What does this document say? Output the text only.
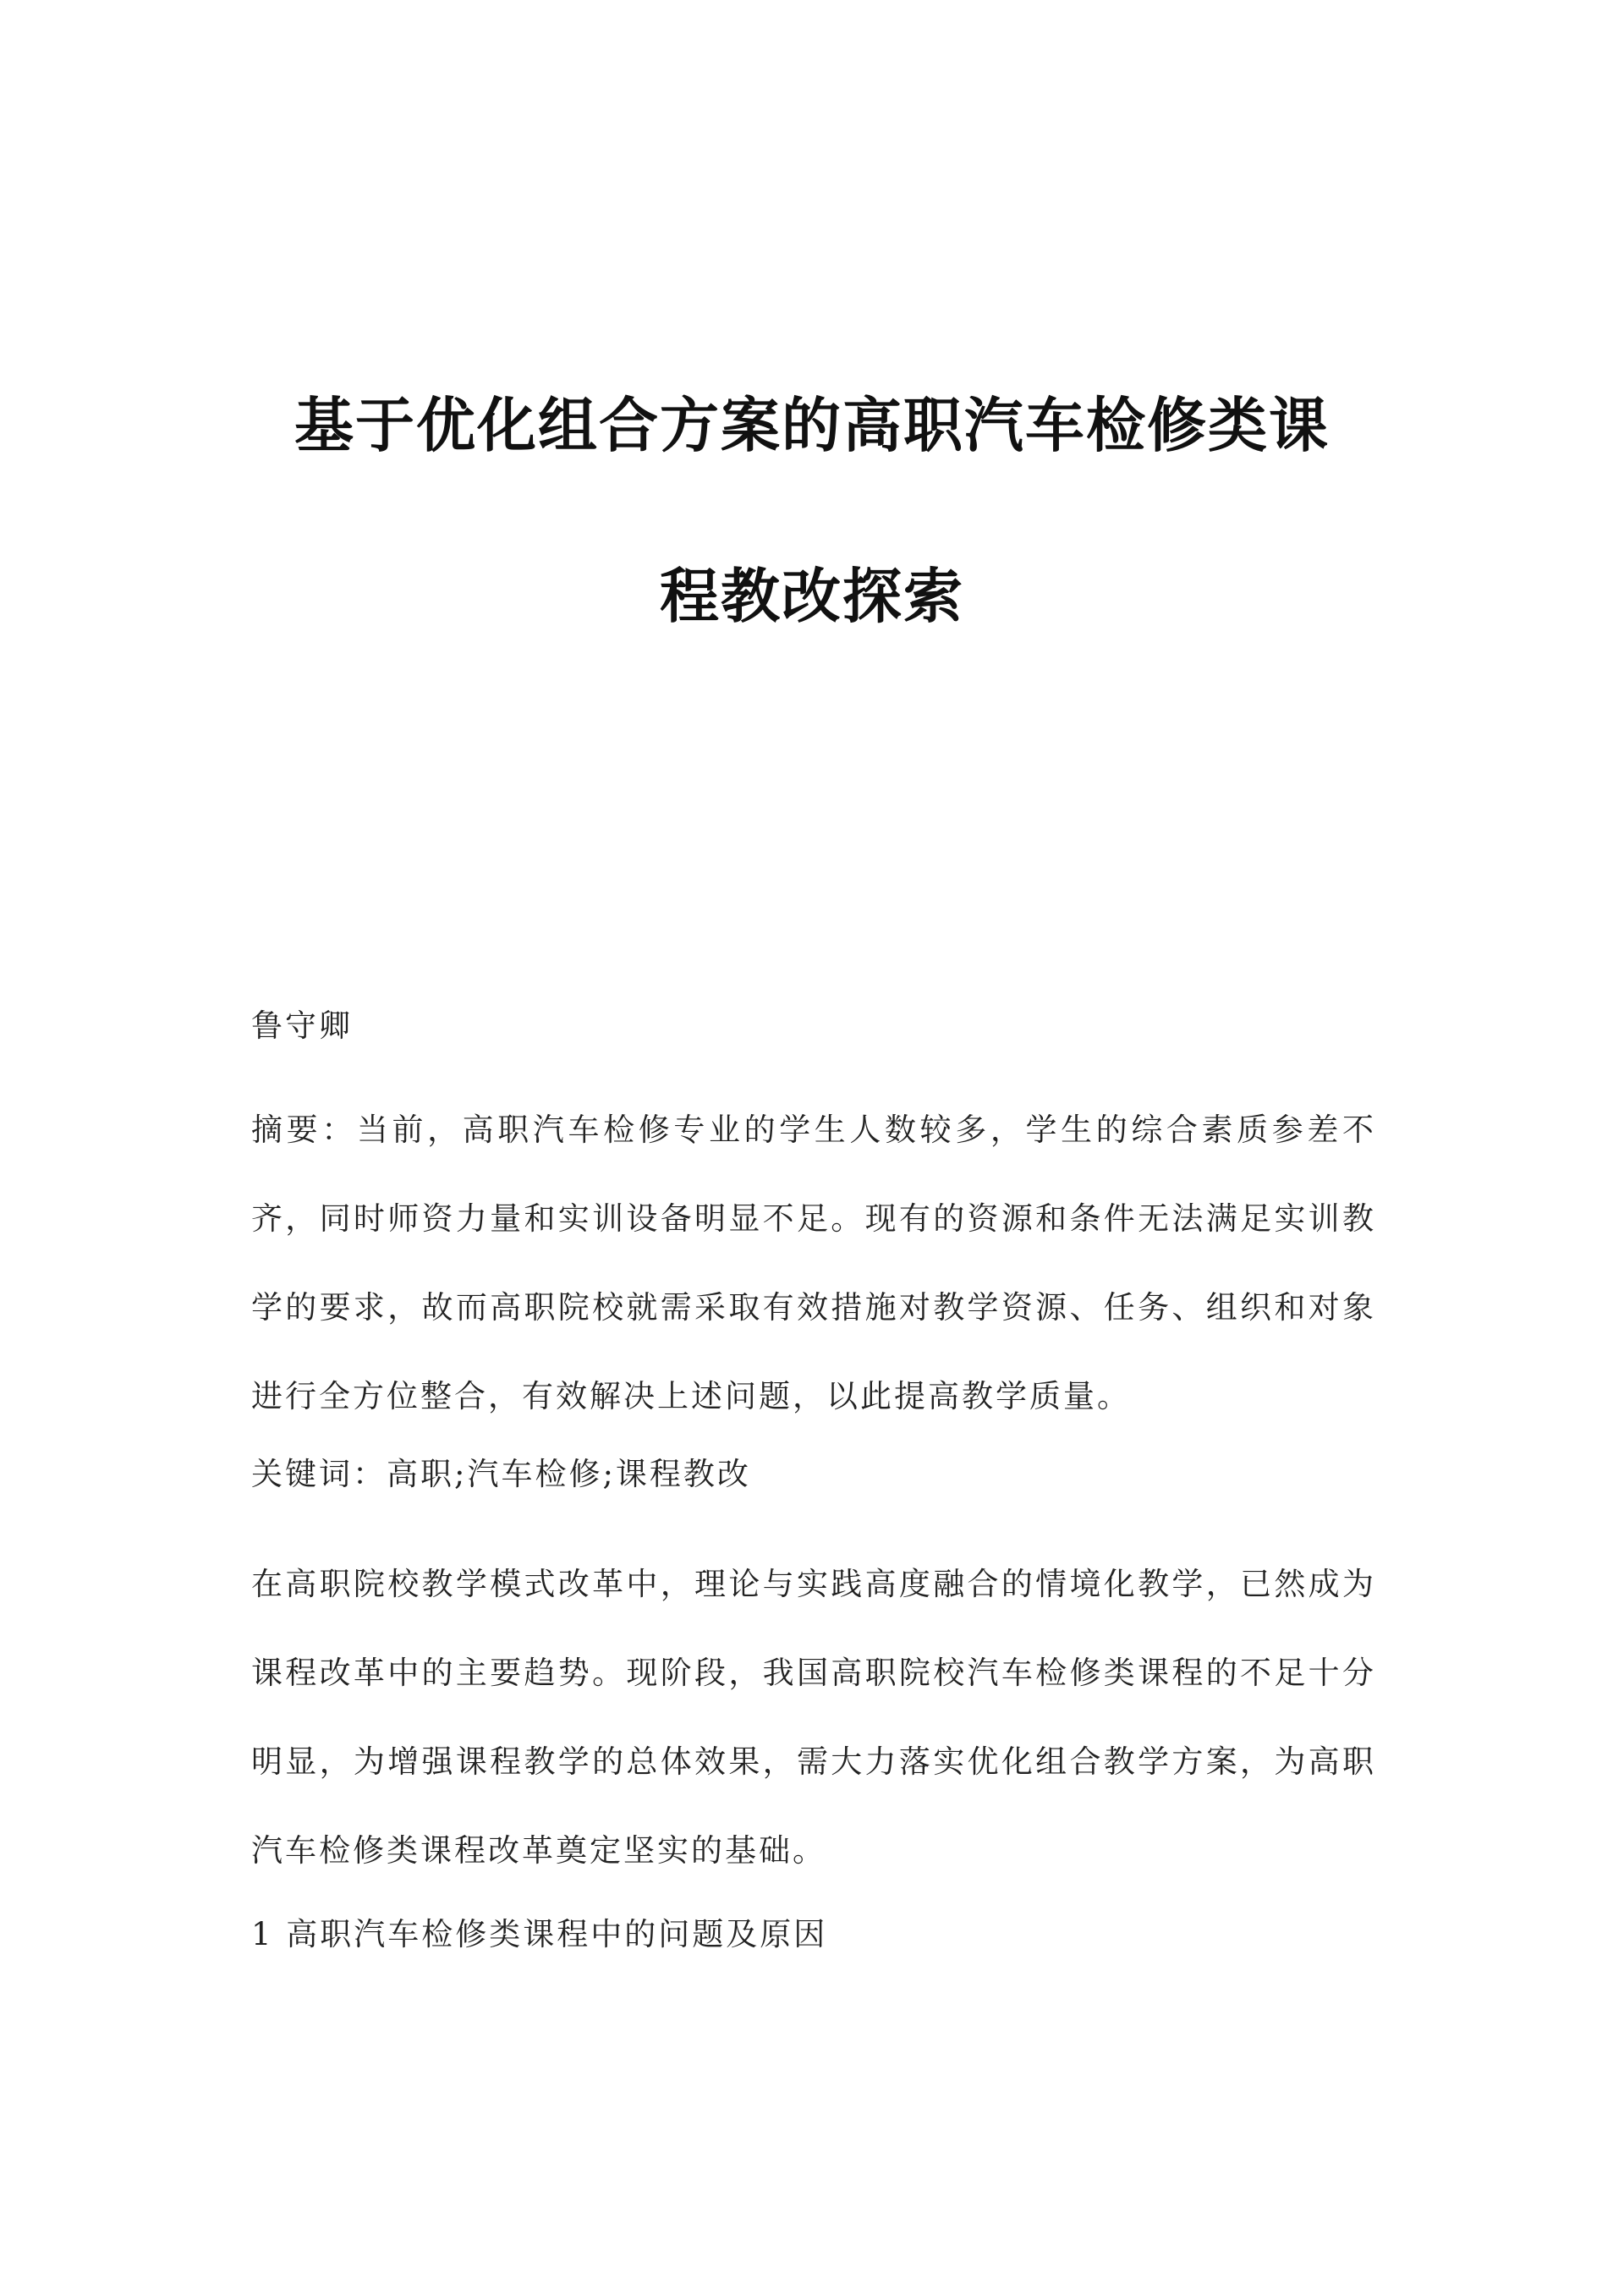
基于优化组合方案的高职汽车检修类课
程教改探索
鲁守卿
摘要：当前，高职汽车检修专业的学生人数较多，学生的综合素质参差不齐，同时师资力量和实训设备明显不足。现有的资源和条件无法满足实训教学的要求，故而高职院校就需采取有效措施对教学资源、任务、组织和对象进行全方位整合，有效解决上述问题，以此提高教学质量。
关键词：高职;汽车检修;课程教改
在高职院校教学模式改革中，理论与实践高度融合的情境化教学，已然成为课程改革中的主要趋势。现阶段，我国高职院校汽车检修类课程的不足十分明显，为增强课程教学的总体效果，需大力落实优化组合教学方案，为高职汽车检修类课程改革奠定坚实的基础。
1 高职汽车检修类课程中的问题及原因
